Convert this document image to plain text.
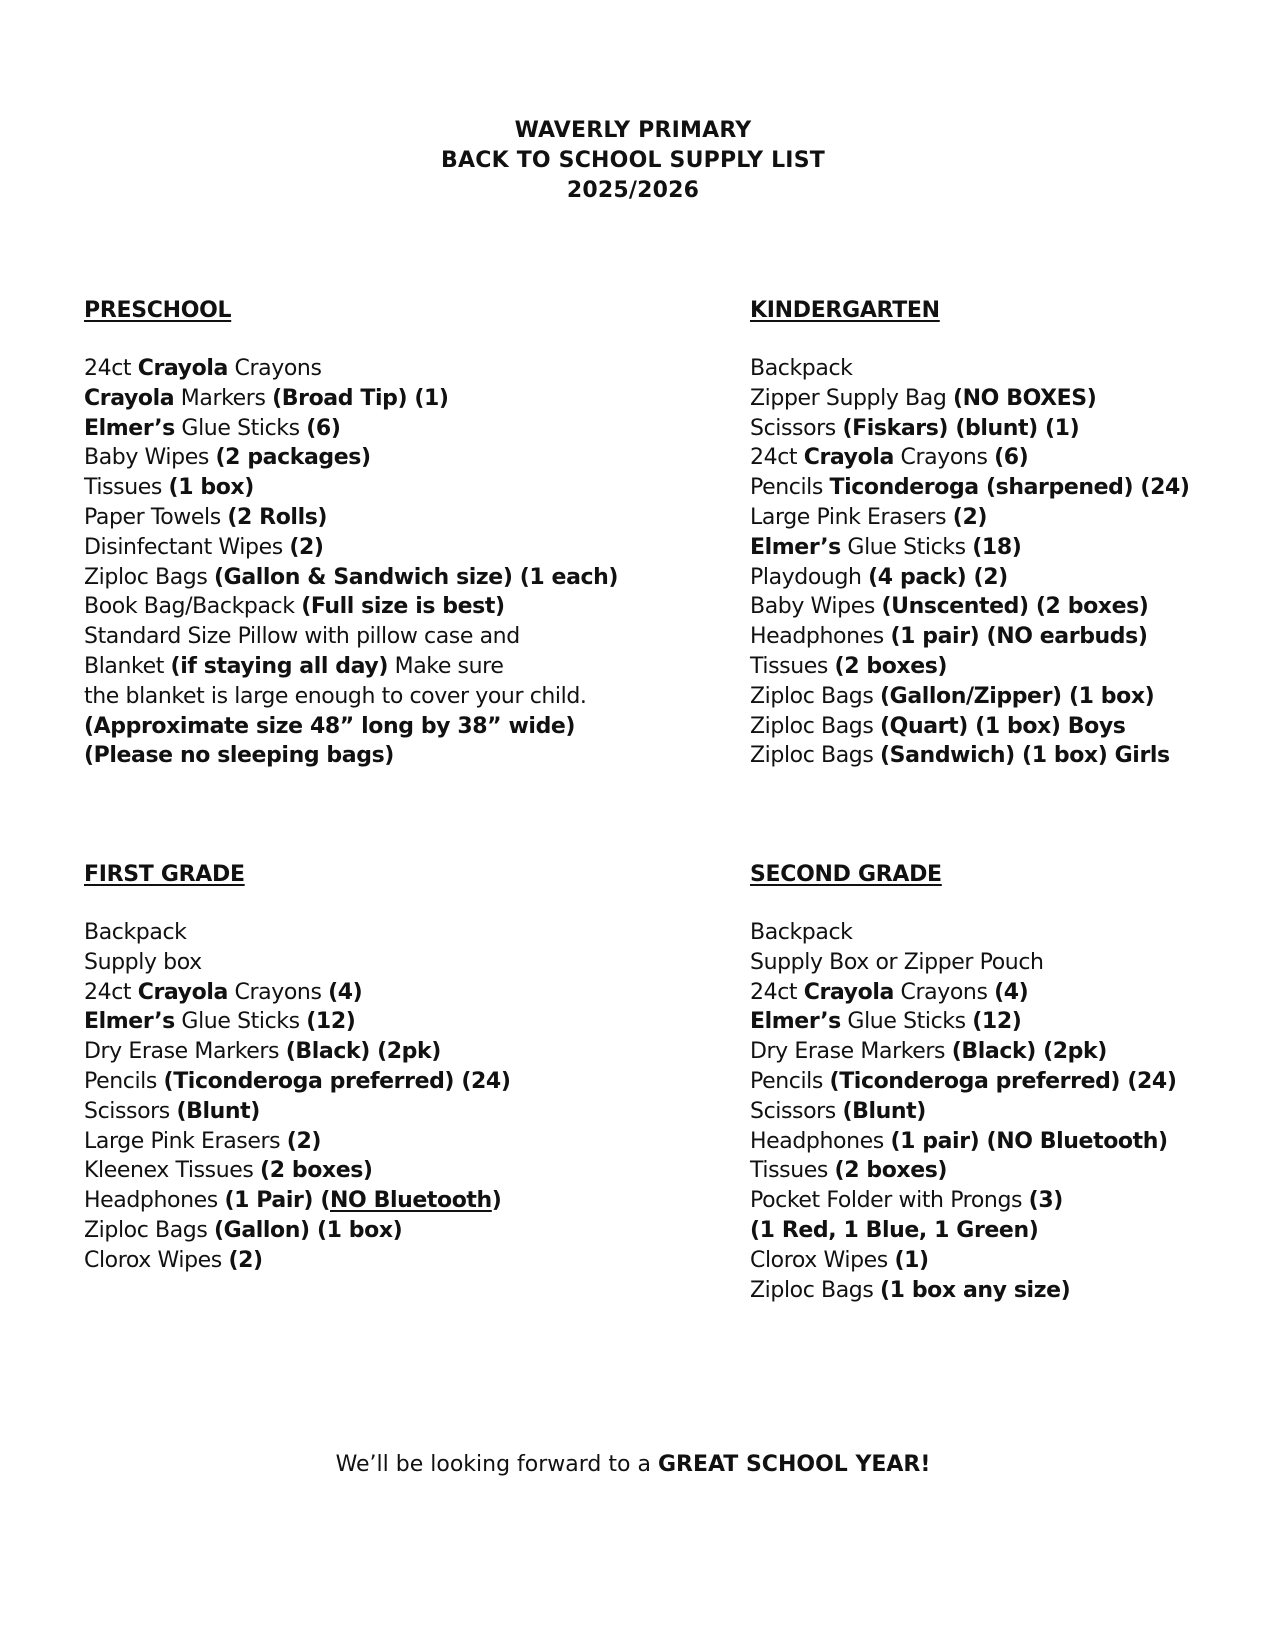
WAVERLY PRIMARY
BACK TO SCHOOL SUPPLY LIST
2025/2026
PRESCHOOL
24ct Crayola Crayons
Crayola Markers (Broad Tip) (1)
Elmer’s Glue Sticks (6)
Baby Wipes (2 packages)
Tissues (1 box)
Paper Towels (2 Rolls)
Disinfectant Wipes (2)
Ziploc Bags (Gallon & Sandwich size) (1 each)
Book Bag/Backpack (Full size is best)
Standard Size Pillow with pillow case and
Blanket (if staying all day) Make sure
the blanket is large enough to cover your child.
(Approximate size 48” long by 38” wide)
(Please no sleeping bags)
KINDERGARTEN
Backpack
Zipper Supply Bag (NO BOXES)
Scissors (Fiskars) (blunt) (1)
24ct Crayola Crayons (6)
Pencils Ticonderoga (sharpened) (24)
Large Pink Erasers (2)
Elmer’s Glue Sticks (18)
Playdough (4 pack) (2)
Baby Wipes (Unscented) (2 boxes)
Headphones (1 pair) (NO earbuds)
Tissues (2 boxes)
Ziploc Bags (Gallon/Zipper) (1 box)
Ziploc Bags (Quart) (1 box) Boys
Ziploc Bags (Sandwich) (1 box) Girls
FIRST GRADE
Backpack
Supply box
24ct Crayola Crayons (4)
Elmer’s Glue Sticks (12)
Dry Erase Markers (Black) (2pk)
Pencils (Ticonderoga preferred) (24)
Scissors (Blunt)
Large Pink Erasers (2)
Kleenex Tissues (2 boxes)
Headphones (1 Pair) (NO Bluetooth)
Ziploc Bags (Gallon) (1 box)
Clorox Wipes (2)
SECOND GRADE
Backpack
Supply Box or Zipper Pouch
24ct Crayola Crayons (4)
Elmer’s Glue Sticks (12)
Dry Erase Markers (Black) (2pk)
Pencils (Ticonderoga preferred) (24)
Scissors (Blunt)
Headphones (1 pair) (NO Bluetooth)
Tissues (2 boxes)
Pocket Folder with Prongs (3)
(1 Red, 1 Blue, 1 Green)
Clorox Wipes (1)
Ziploc Bags (1 box any size)
We’ll be looking forward to a GREAT SCHOOL YEAR!
